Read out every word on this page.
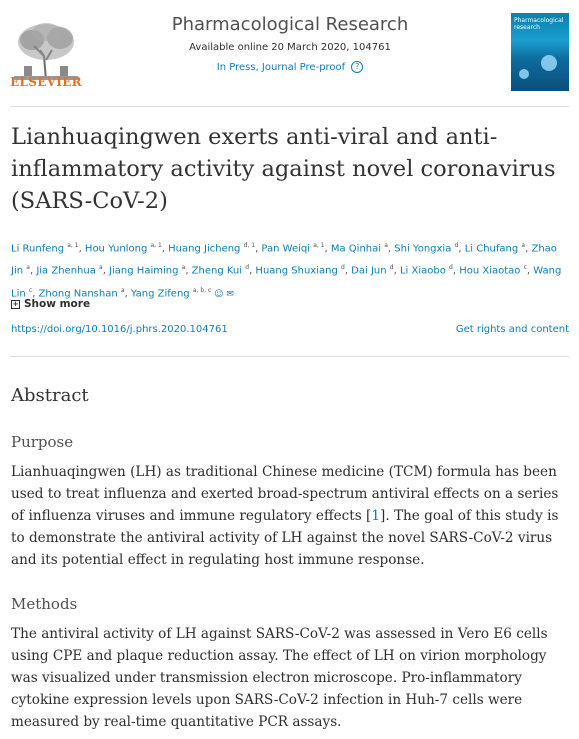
ELSEVIER
Pharmacological Research
Available online 20 March 2020, 104761
In Press, Journal Pre-proof	?
Pharmacological research
Lianhuaqingwen exerts anti-viral and anti-inflammatory activity against novel coronavirus (SARS-CoV-2)
Li Runfeng $^{a, 1}$, Hou Yunlong $^{a, 1}$, Huang Jicheng $^{d, 1}$, Pan Weiqi $^{a, 1}$, Ma Qinhai $^a$, Shi Yongxia $^d$, Li Chufang $^a$, Zhao Jin $^a$, Jia Zhenhua $^a$, Jiang Haiming $^a$, Zheng Kui $^d$, Huang Shuxiang $^d$, Dai Jun $^d$, Li Xiaobo $^d$, Hou Xiaotao $^c$, Wang Lin $^c$, Zhong Nanshan $^a$, Yang Zifeng $^{a, b, c}$ ☺ ✉
+ Show more
https://doi.org/10.1016/j.phrs.2020.104761	Get rights and content
Abstract
Purpose

Lianhuaqingwen (LH) as traditional Chinese medicine (TCM) formula has been used to treat influenza and exerted broad-spectrum antiviral effects on a series of influenza viruses and immune regulatory effects [1]. The goal of this study is to demonstrate the antiviral activity of LH against the novel SARS-CoV-2 virus and its potential effect in regulating host immune response.

Methods

The antiviral activity of LH against SARS-CoV-2 was assessed in Vero E6 cells using CPE and plaque reduction assay. The effect of LH on virion morphology was visualized under transmission electron microscope. Pro-inflammatory cytokine expression levels upon SARS-CoV-2 infection in Huh-7 cells were measured by real-time quantitative PCR assays.
